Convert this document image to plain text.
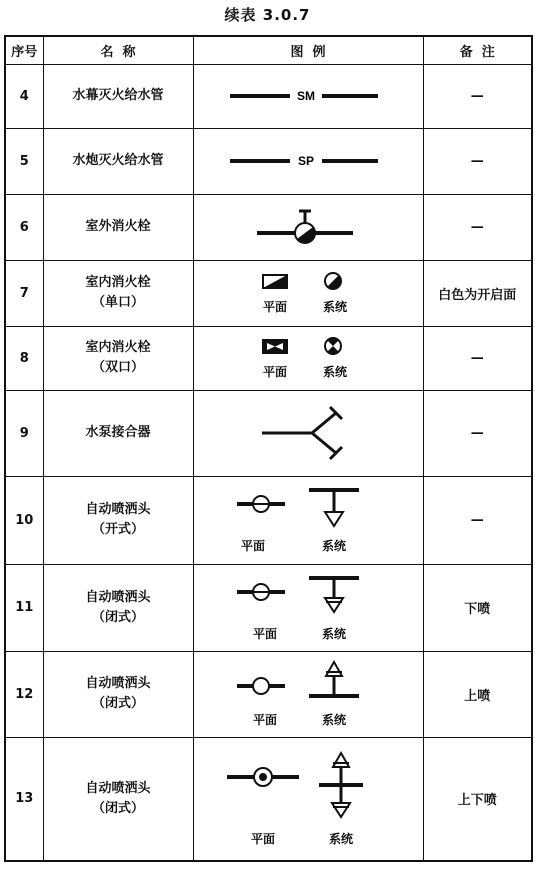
续表 3.0.7
序号	名  称	图  例	备  注
4	水幕灭火给水管	SM	—
5	水炮灭火给水管	SP	—
6	室外消火栓		—
7	室内消火栓
（单口）	平面 系统	白色为开启面
8	室内消火栓
（双口）	平面 系统	—
9	水泵接合器		—
10	自动喷洒头
（开式）	平面 系统	—
11	自动喷洒头
（闭式）	平面 系统	下喷
12	自动喷洒头
（闭式）	平面 系统	上喷
13	自动喷洒头
（闭式）	平面 系统	上下喷
